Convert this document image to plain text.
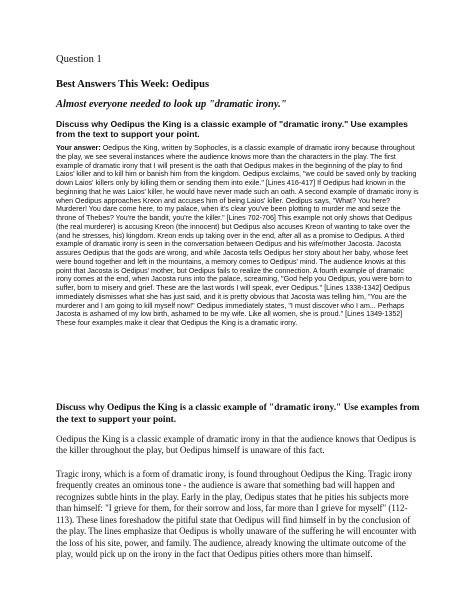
Question 1

Best Answers This Week: Oedipus

Almost everyone needed to look up "dramatic irony."

Discuss why Oedipus the King is a classic example of "dramatic irony." Use examples from the text to support your point.

Your answer: Oedipus the King, written by Sophocles, is a classic example of dramatic irony because throughout the play, we see several instances where the audience knows more than the characters in the play. The first example of dramatic irony that I will present is the oath that Oedipus makes in the beginning of the play to find Laios' killer and to kill him or banish him from the kingdom. Oedipus exclaims, "we could be saved only by tracking down Laios' killers only by killing them or sending them into exile." [Lines 416-417] If Oedipus had known in the beginning that he was Laios' killer, he would have never made such an oath. A second example of dramatic irony is when Oedipus approaches Kreon and accuses him of being Laios' killer. Oedipus says, "What? You here? Murderer! You dare come here, to my palace, when it's clear you've been plotting to murder me and seize the throne of Thebes? You're the bandit, you're the killer." [Lines 702-706] This example not only shows that Oedipus (the real murderer) is accusing Kreon (the innocent) but Oedipus also accuses Kreon of wanting to take over the (and he stresses, his) kingdom. Kreon ends up taking over in the end, after all as a promise to Oedipus. A third example of dramatic irony is seen in the conversation between Oedipus and his wife/mother Jacosta. Jacosta assures Oedipus that the gods are wrong, and while Jacosta tells Oedipus her story about her baby, whose feet were bound together and left in the mountains, a memory comes to Oedipus' mind. The audience knows at this point that Jacosta is Oedipus' mother, but Oedipus fails to realize the connection. A fourth example of dramatic irony comes at the end, when Jacosta runs into the palace, screaming, "God help you Oedipus, you were born to suffer, born to misery and grief. These are the last words I will speak, ever Oedipus." [Lines 1338-1342] Oedipus immediately dismisses what she has just said, and it is pretty obvious that Jacosta was telling him, "You are the murderer and I am going to kill myself now!" Oedipus immediately states, "I must discover who I am... Perhaps Jacosta is ashamed of my low birth, ashamed to be my wife. Like all women, she is proud." [Lines 1349-1352] These four examples make it clear that Oedipus the King is a dramatic irony.

Discuss why Oedipus the King is a classic example of "dramatic irony." Use examples from the text to support your point.

Oedipus the King is a classic example of dramatic irony in that the audience knows that Oedipus is the killer throughout the play, but Oedipus himself is unaware of this fact.

Tragic irony, which is a form of dramatic irony, is found throughout Oedipus the King. Tragic irony frequently creates an ominous tone - the audience is aware that something bad will happen and recognizes subtle hints in the play. Early in the play, Oedipus states that he pities his subjects more than himself: "I grieve for them, for their sorrow and loss, far more than I grieve for myself" (112-113). These lines foreshadow the pitiful state that Oedipus will find himself in by the conclusion of the play. The lines emphasize that Oedipus is wholly unaware of the suffering he will encounter with the loss of his site, power, and family. The audience, already knowing the ultimate outcome of the play, would pick up on the irony in the fact that Oedipus pities others more than himself.
